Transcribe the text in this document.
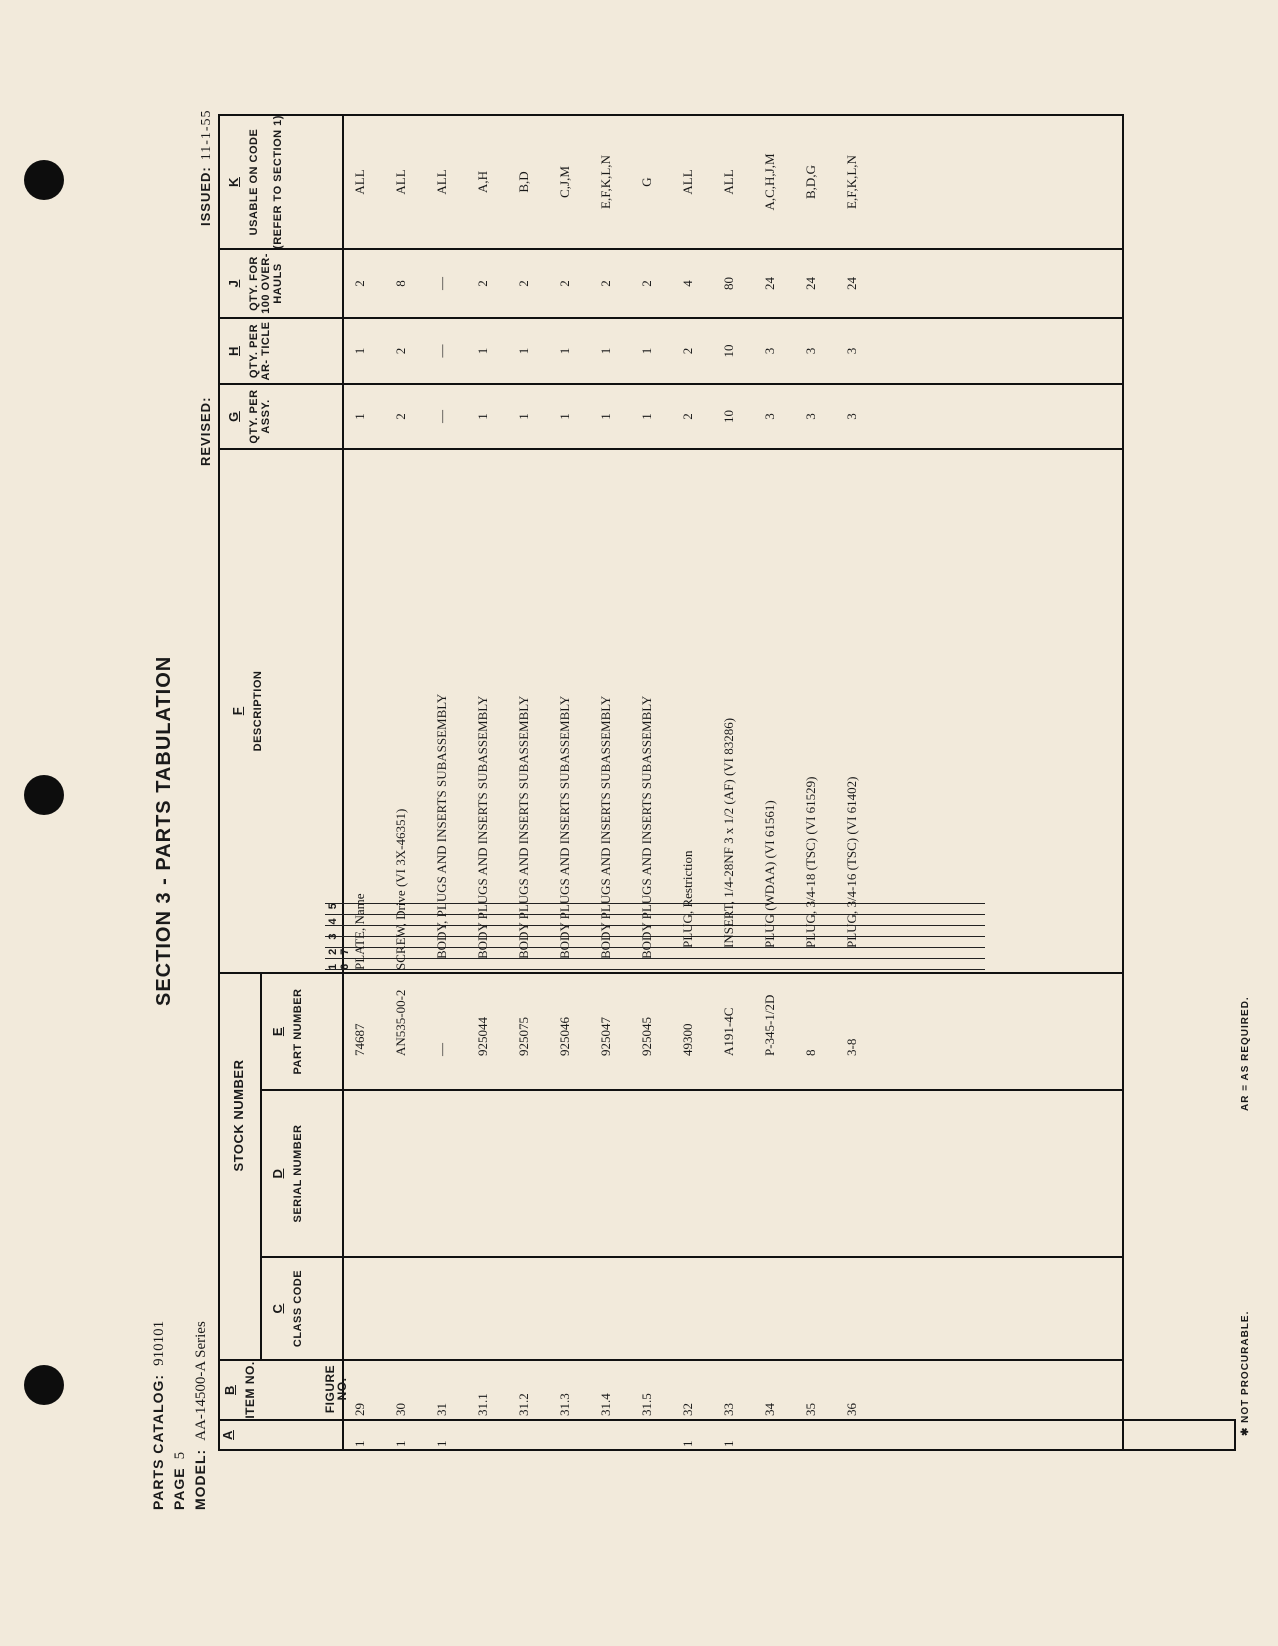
PARTS CATALOG:910101
PAGE5 MODEL:AA-14500-A Series
SECTION 3 - PARTS TABULATION
REVISED:
ISSUED:11-1-55
1 2 3 4 5 6 7
A
FIGURE NO.
B ITEM NO.
STOCK NUMBER
C CLASS CODE
D SERIAL NUMBER
E PART NUMBER
F DESCRIPTION
G QTY. PER ASSY.
H QTY. PER AR- TICLE
J QTY. FOR 100 OVER- HAULS
K USABLE ON CODE (REFER TO SECTION 1)
1
29
74687
1
1
2
ALL
PLATE, Name
1
30
AN535-00-2
2
2
8
ALL
SCREW, Drive (VI 3X-46351)
1
31
—
—
—
—
ALL
BODY, PLUGS AND INSERTS SUBASSEMBLY
31.1
925044
1
1
2
A,H
BODY PLUGS AND INSERTS SUBASSEMBLY
31.2
925075
1
1
2
B,D
BODY PLUGS AND INSERTS SUBASSEMBLY
31.3
925046
1
1
2
C,J,M
BODY PLUGS AND INSERTS SUBASSEMBLY
31.4
925047
1
1
2
E,F,K,L,N
BODY PLUGS AND INSERTS SUBASSEMBLY
31.5
925045
1
1
2
G
BODY PLUGS AND INSERTS SUBASSEMBLY
1
32
49300
2
2
4
ALL
PLUG, Restriction
1
33
A191-4C
10
10
80
ALL
INSERT, 1/4-28NF 3 x 1/2 (AF) (VI 83286)
34
P-345-1/2D
3
3
24
A,C,H,J,M
PLUG (WDAA) (VI 61561)
35
8
3
3
24
B,D,G
PLUG, 3/4-18 (TSC) (VI 61529)
36
3-8
3
3
24
E,F,K,L,N
PLUG, 3/4-16 (TSC) (VI 61402)
✱ NOT PROCURABLE.
AR = AS REQUIRED.
